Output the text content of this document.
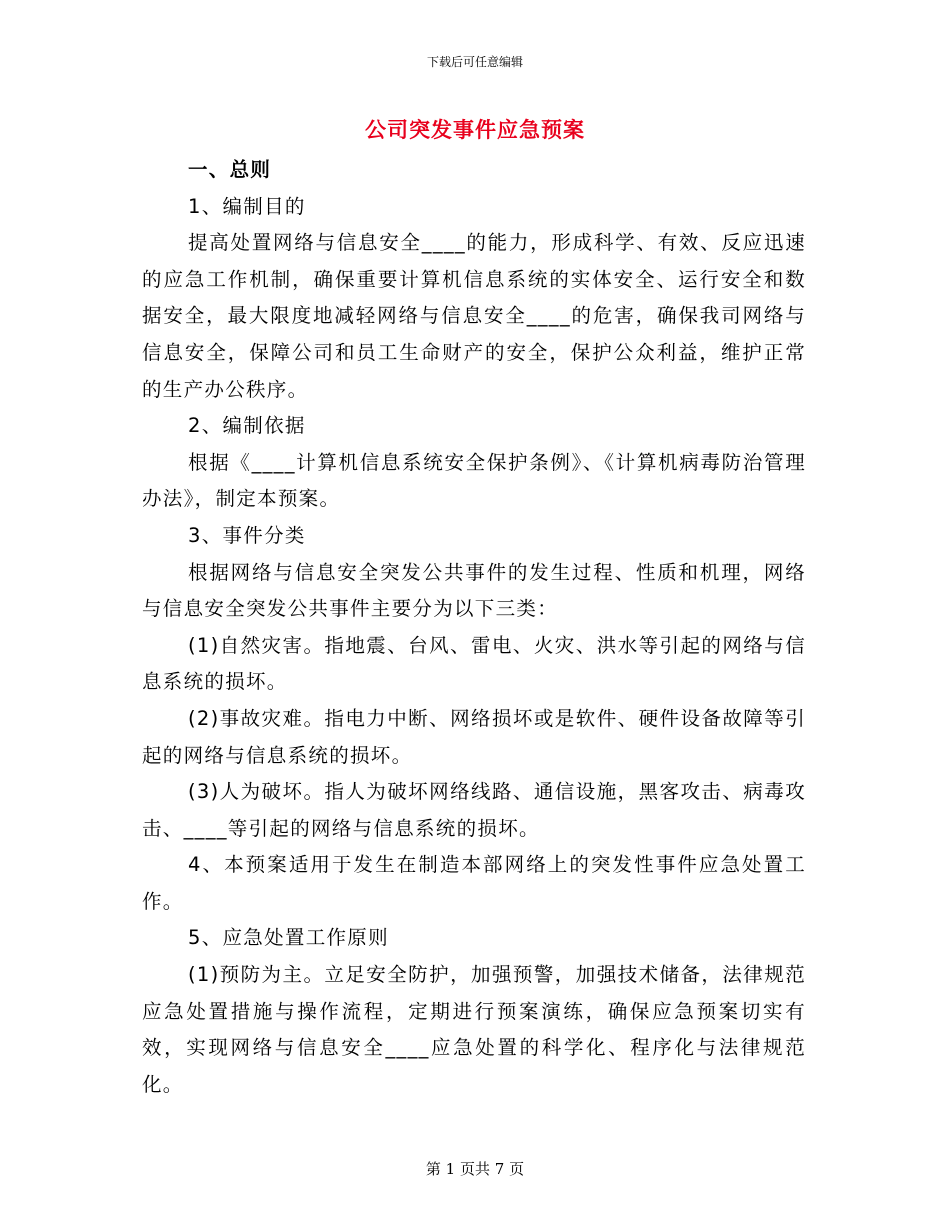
下载后可任意编辑
公司突发事件应急预案

一、总则

1、编制目的

提高处置网络与信息安全____的能力，形成科学、有效、反应迅速的应急工作机制，确保重要计算机信息系统的实体安全、运行安全和数据安全，最大限度地减轻网络与信息安全____的危害，确保我司网络与信息安全，保障公司和员工生命财产的安全，保护公众利益，维护正常的生产办公秩序。

2、编制依据

根据《____计算机信息系统安全保护条例》、《计算机病毒防治管理办法》，制定本预案。

3、事件分类

根据网络与信息安全突发公共事件的发生过程、性质和机理，网络与信息安全突发公共事件主要分为以下三类：

(1)自然灾害。指地震、台风、雷电、火灾、洪水等引起的网络与信息系统的损坏。

(2)事故灾难。指电力中断、网络损坏或是软件、硬件设备故障等引起的网络与信息系统的损坏。

(3)人为破坏。指人为破坏网络线路、通信设施，黑客攻击、病毒攻击、____等引起的网络与信息系统的损坏。

4、本预案适用于发生在制造本部网络上的突发性事件应急处置工作。

5、应急处置工作原则

(1)预防为主。立足安全防护，加强预警，加强技术储备，法律规范应急处置措施与操作流程，定期进行预案演练，确保应急预案切实有效，实现网络与信息安全____应急处置的科学化、程序化与法律规范化。

第 1 页共 7 页
